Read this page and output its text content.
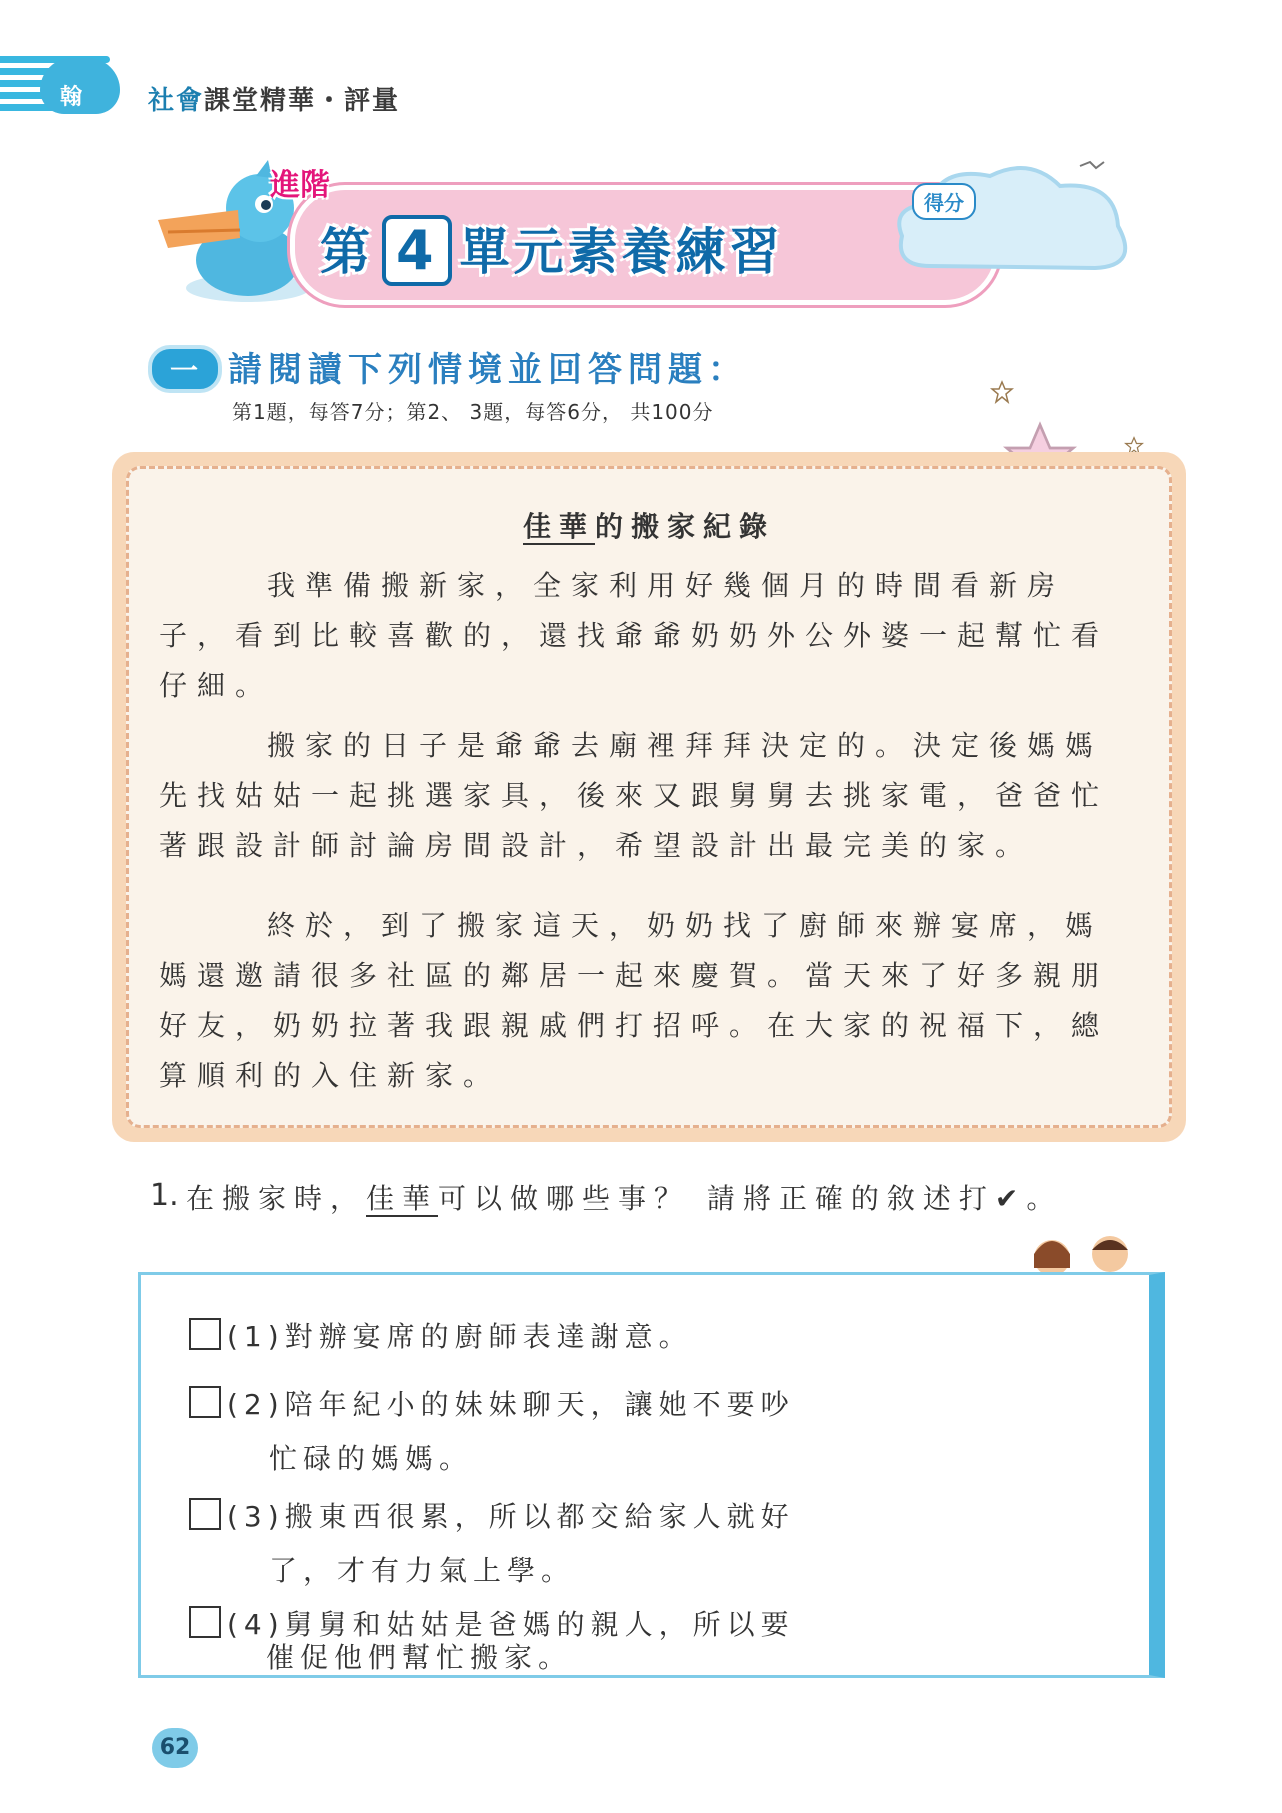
翰	社會課堂精華・評量
進階
第 4 單元素養練習
得分
一 請閱讀下列情境並回答問題：
第1題，每答7分；第2、 3題，每答6分， 共100分
佳華的搬家紀錄
我準備搬新家，全家利用好幾個月的時間看新房子，看到比較喜歡的，還找爺爺奶奶外公外婆一起幫忙看仔細。
搬家的日子是爺爺去廟裡拜拜決定的。決定後媽媽先找姑姑一起挑選家具，後來又跟舅舅去挑家電，爸爸忙著跟設計師討論房間設計，希望設計出最完美的家。
終於，到了搬家這天，奶奶找了廚師來辦宴席，媽媽還邀請很多社區的鄰居一起來慶賀。當天來了好多親朋好友，奶奶拉著我跟親戚們打招呼。在大家的祝福下，總算順利的入住新家。
1. 在搬家時，佳華可以做哪些事？ 請將正確的敘述打✔。
(1)對辦宴席的廚師表達謝意。
(2)陪年紀小的妹妹聊天，讓她不要吵
忙碌的媽媽。
(3)搬東西很累，所以都交給家人就好
了，才有力氣上學。
(4)舅舅和姑姑是爸媽的親人，所以要
催促他們幫忙搬家。
62
